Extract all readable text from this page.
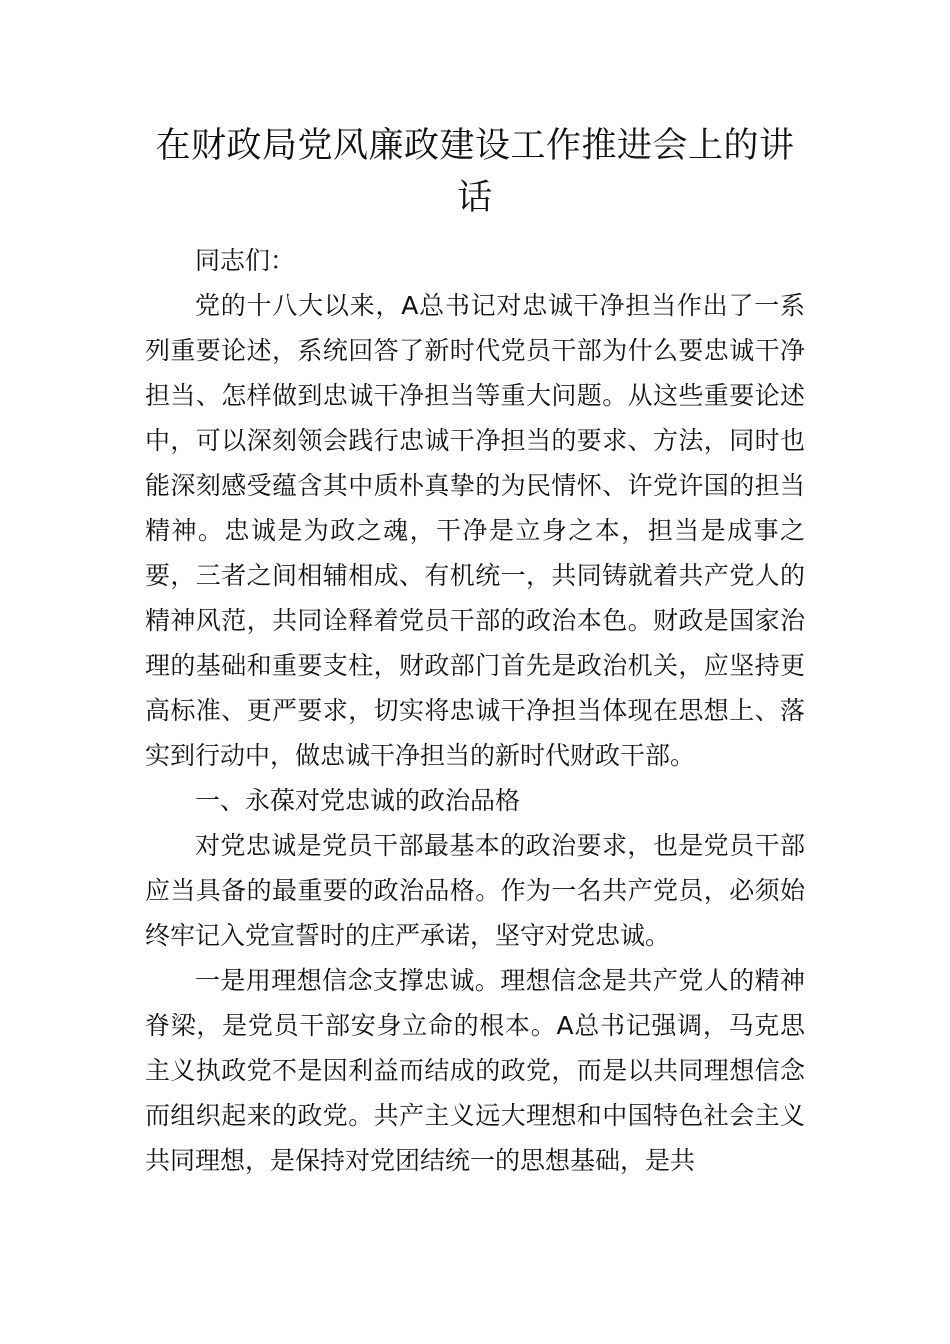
在财政局党风廉政建设工作推进会上的讲话

同志们：

党的十八大以来，A总书记对忠诚干净担当作出了一系列重要论述，系统回答了新时代党员干部为什么要忠诚干净担当、怎样做到忠诚干净担当等重大问题。从这些重要论述中，可以深刻领会践行忠诚干净担当的要求、方法，同时也能深刻感受蕴含其中质朴真挚的为民情怀、许党许国的担当精神。忠诚是为政之魂，干净是立身之本，担当是成事之要，三者之间相辅相成、有机统一，共同铸就着共产党人的精神风范，共同诠释着党员干部的政治本色。财政是国家治理的基础和重要支柱，财政部门首先是政治机关，应坚持更高标准、更严要求，切实将忠诚干净担当体现在思想上、落实到行动中，做忠诚干净担当的新时代财政干部。

一、永葆对党忠诚的政治品格

对党忠诚是党员干部最基本的政治要求，也是党员干部应当具备的最重要的政治品格。作为一名共产党员，必须始终牢记入党宣誓时的庄严承诺，坚守对党忠诚。

一是用理想信念支撑忠诚。理想信念是共产党人的精神脊梁，是党员干部安身立命的根本。A总书记强调，马克思主义执政党不是因利益而结成的政党，而是以共同理想信念而组织起来的政党。共产主义远大理想和中国特色社会主义共同理想，是保持对党团结统一的思想基础，是共
